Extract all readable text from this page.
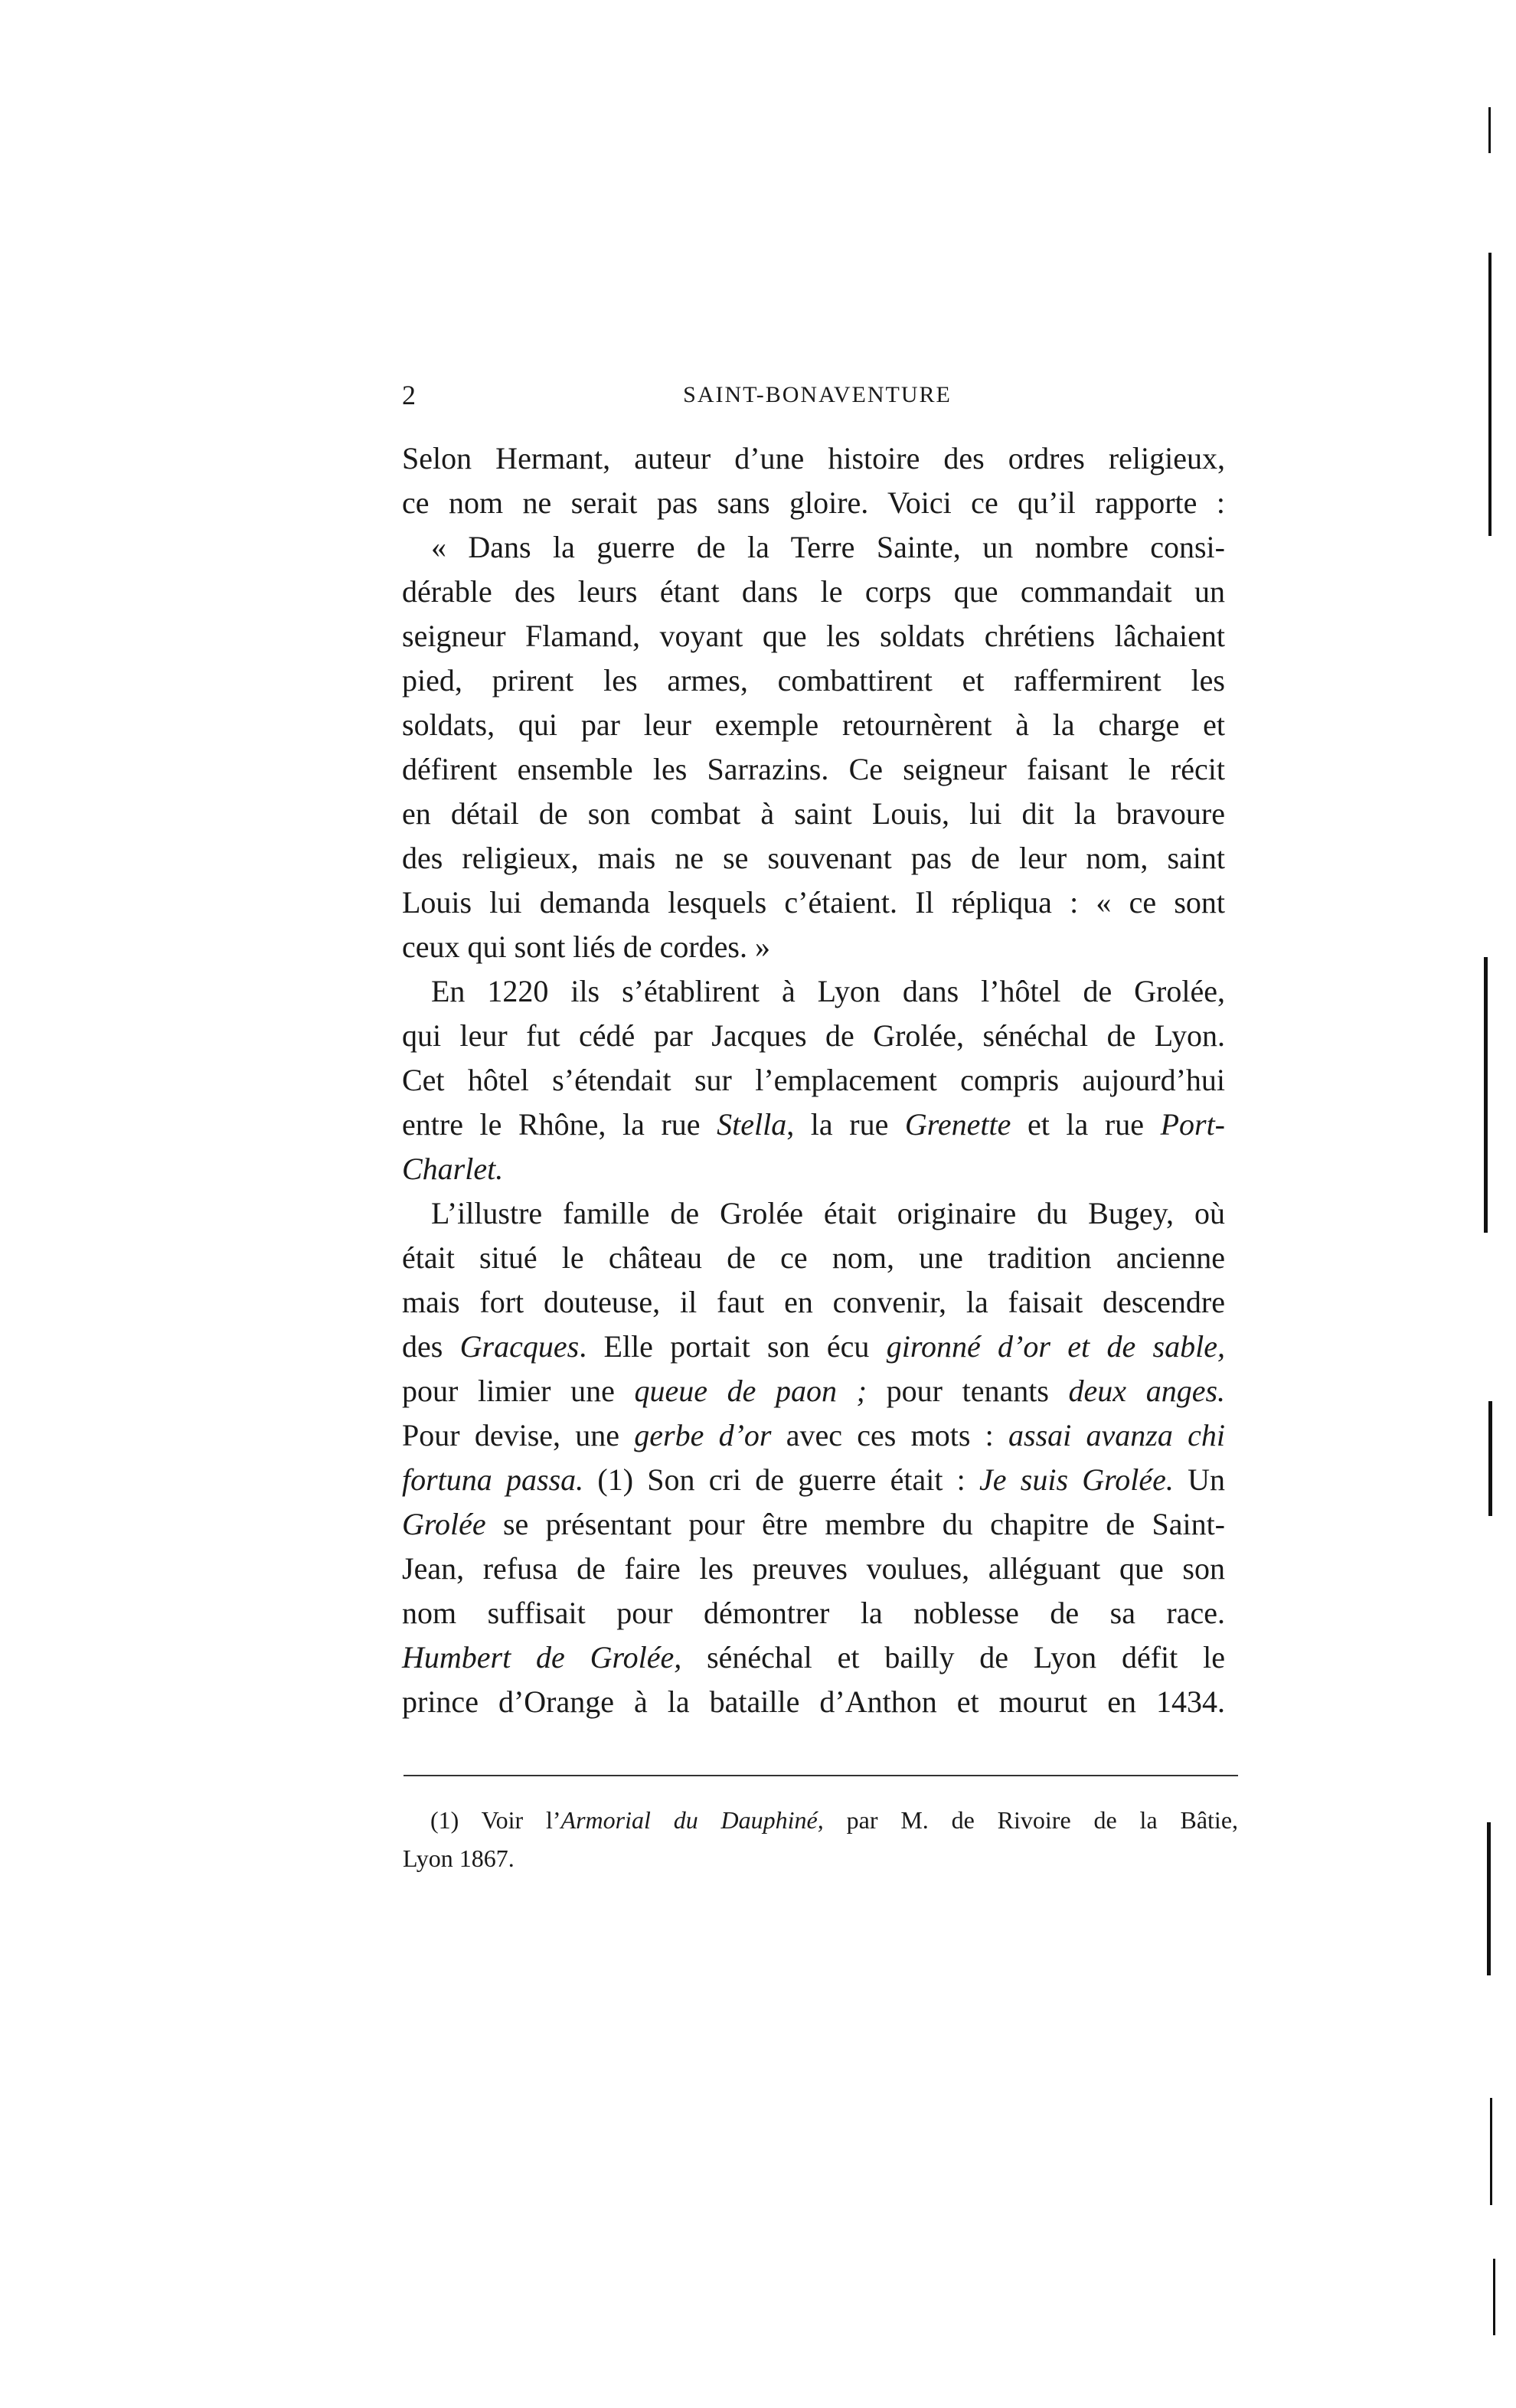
2	SAINT-BONAVENTURE
Selon Hermant, auteur d’une histoire des ordres religieux,
ce nom ne serait pas sans gloire. Voici ce qu’il rapporte :
« Dans la guerre de la Terre Sainte, un nombre consi-
dérable des leurs étant dans le corps que commandait un
seigneur Flamand, voyant que les soldats chrétiens lâchaient
pied, prirent les armes, combattirent et raffermirent les
soldats, qui par leur exemple retournèrent à la charge et
défirent ensemble les Sarrazins. Ce seigneur faisant le récit
en détail de son combat à saint Louis, lui dit la bravoure
des religieux, mais ne se souvenant pas de leur nom, saint
Louis lui demanda lesquels c’étaient. Il répliqua : « ce sont
ceux qui sont liés de cordes. »
En 1220 ils s’établirent à Lyon dans l’hôtel de Grolée,
qui leur fut cédé par Jacques de Grolée, sénéchal de Lyon.
Cet hôtel s’étendait sur l’emplacement compris aujourd’hui
entre le Rhône, la rue Stella, la rue Grenette et la rue Port-
Charlet.
L’illustre famille de Grolée était originaire du Bugey, où
était situé le château de ce nom, une tradition ancienne
mais fort douteuse, il faut en convenir, la faisait descendre
des Gracques. Elle portait son écu gironné d’or et de sable,
pour limier une queue de paon ; pour tenants deux anges.
Pour devise, une gerbe d’or avec ces mots : assai avanza chi
fortuna passa. (1) Son cri de guerre était : Je suis Grolée. Un
Grolée se présentant pour être membre du chapitre de Saint-
Jean, refusa de faire les preuves voulues, alléguant que son
nom suffisait pour démontrer la noblesse de sa race.
Humbert de Grolée, sénéchal et bailly de Lyon défit le
prince d’Orange à la bataille d’Anthon et mourut en 1434.
(1) Voir l’Armorial du Dauphiné, par M. de Rivoire de la Bâtie,
Lyon 1867.
